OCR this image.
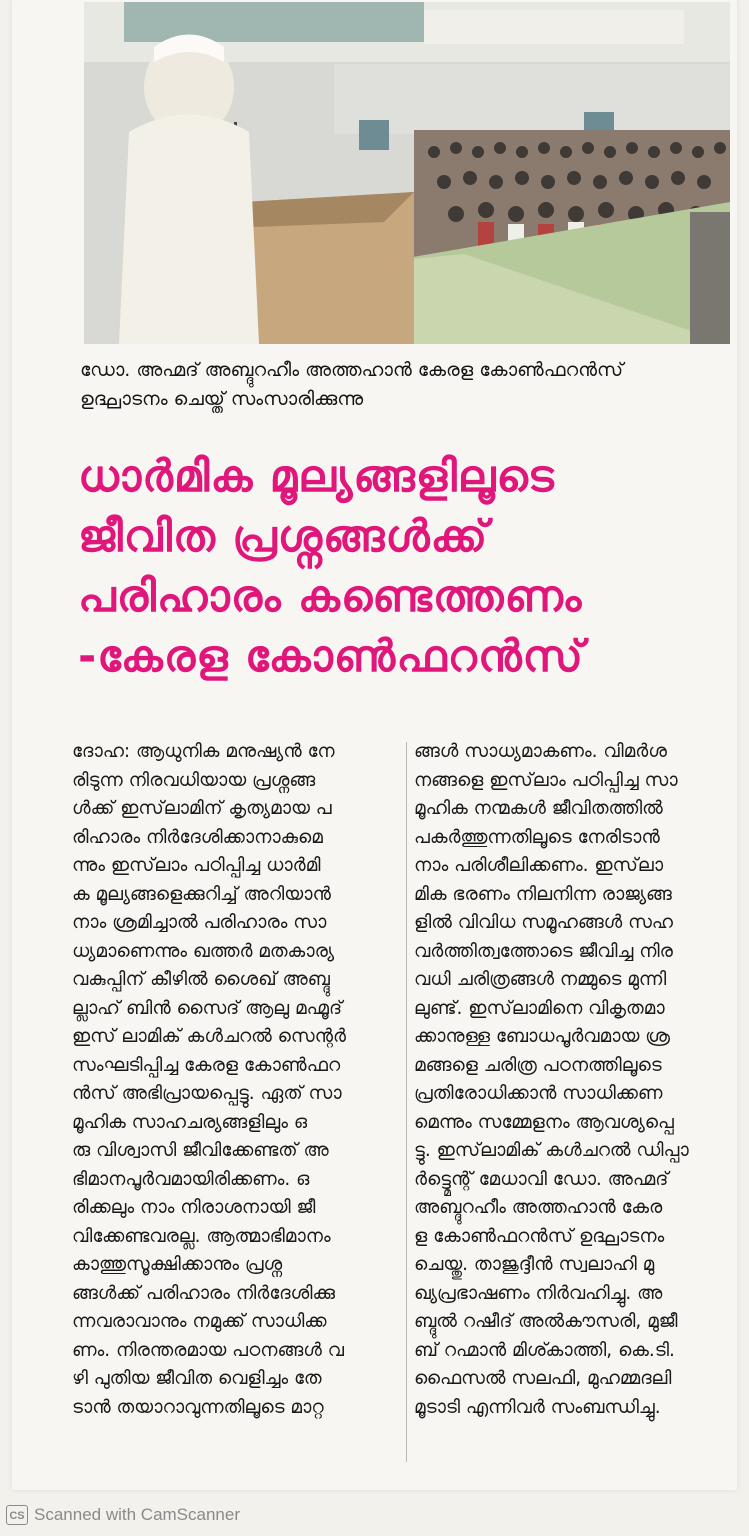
ഡോ. അഹ്മദ് അബ്ദുറഹീം അത്തഹാൻ കേരള കോൺഫറൻസ്
ഉദ്ഘാടനം ചെയ്ത് സംസാരിക്കുന്നു
ധാർമിക മൂല്യങ്ങളിലൂടെ
ജീവിത പ്രശ്നങ്ങൾക്ക്
പരിഹാരം കണ്ടെത്തണം
-കേരള കോൺഫറൻസ്
ദോഹ: ആധുനിക മനുഷ്യൻ നേ
രിടുന്ന നിരവധിയായ പ്രശ്നങ്ങ
ൾക്ക് ഇസ്‌ലാമിന് കൃത്യമായ പ
രിഹാരം നിർദേശിക്കാനാകുമെ
ന്നും ഇസ്‌ലാം പഠിപ്പിച്ച ധാർമി
ക മൂല്യങ്ങളെക്കുറിച്ച് അറിയാൻ
നാം ശ്രമിച്ചാൽ പരിഹാരം സാ
ധ്യമാണെന്നും ഖത്തർ മതകാര്യ
വകുപ്പിന് കീഴിൽ ശൈഖ് അബ്ദു
ല്ലാഹ് ബിൻ സൈദ് ആലു മഹ്മൂദ്
ഇസ് ലാമിക് കൾചറൽ സെന്റർ
സംഘടിപ്പിച്ച കേരള കോൺഫറ
ൻസ് അഭിപ്രായപ്പെട്ടു. ഏത് സാ
മൂഹിക സാഹചര്യങ്ങളിലും ഒ
രു വിശ്വാസി ജീവിക്കേണ്ടത് അ
ഭിമാനപൂർവമായിരിക്കണം. ഒ
രിക്കലും നാം നിരാശനായി ജീ
വിക്കേണ്ടവരല്ല. ആത്മാഭിമാനം
കാത്തുസൂക്ഷിക്കാനും പ്രശ്ന
ങ്ങൾക്ക് പരിഹാരം നിർദേശിക്കു
ന്നവരാവാനും നമുക്ക് സാധിക്ക
ണം. നിരന്തരമായ പഠനങ്ങൾ വ
ഴി പുതിയ ജീവിത വെളിച്ചം തേ
ടാൻ തയാറാവുന്നതിലൂടെ മാറ്റ
ങ്ങൾ സാധ്യമാകണം. വിമർശ
നങ്ങളെ ഇസ്‌ലാം പഠിപ്പിച്ച സാ
മൂഹിക നന്മകൾ ജീവിതത്തിൽ
പകർത്തുന്നതിലൂടെ നേരിടാൻ
നാം പരിശീലിക്കണം. ഇസ്‌ലാ
മിക ഭരണം നിലനിന്ന രാജ്യങ്ങ
ളിൽ വിവിധ സമൂഹങ്ങൾ സഹ
വർത്തിത്വത്തോടെ ജീവിച്ച നിര
വധി ചരിത്രങ്ങൾ നമ്മുടെ മുന്നി
ലുണ്ട്. ഇസ്‌ലാമിനെ വികൃതമാ
ക്കാനുള്ള ബോധപൂർവമായ ശ്ര
മങ്ങളെ ചരിത്ര പഠനത്തിലൂടെ
പ്രതിരോധിക്കാൻ സാധിക്കണ
മെന്നും സമ്മേളനം ആവശ്യപ്പെ
ട്ടു. ഇസ്‌ലാമിക് കൾചറൽ ഡിപ്പാ
ർട്ട്മെന്റ് മേധാവി ഡോ. അഹ്മദ്
അബ്ദുറഹീം അത്തഹാൻ കേര
ള കോൺഫറൻസ് ഉദ്ഘാടനം
ചെയ്തു. താജുദ്ദീൻ സ്വലാഹി മു
ഖ്യപ്രഭാഷണം നിർവഹിച്ചു. അ
ബ്ദുൽ റഷീദ് അൽകൗസരി, മുജീ
ബ് റഹ്മാൻ മിശ്കാത്തി, കെ.ടി.
ഫൈസൽ സലഫി, മുഹമ്മദലി
മൂടാടി എന്നിവർ സംബന്ധിച്ചു.
CS Scanned with CamScanner
